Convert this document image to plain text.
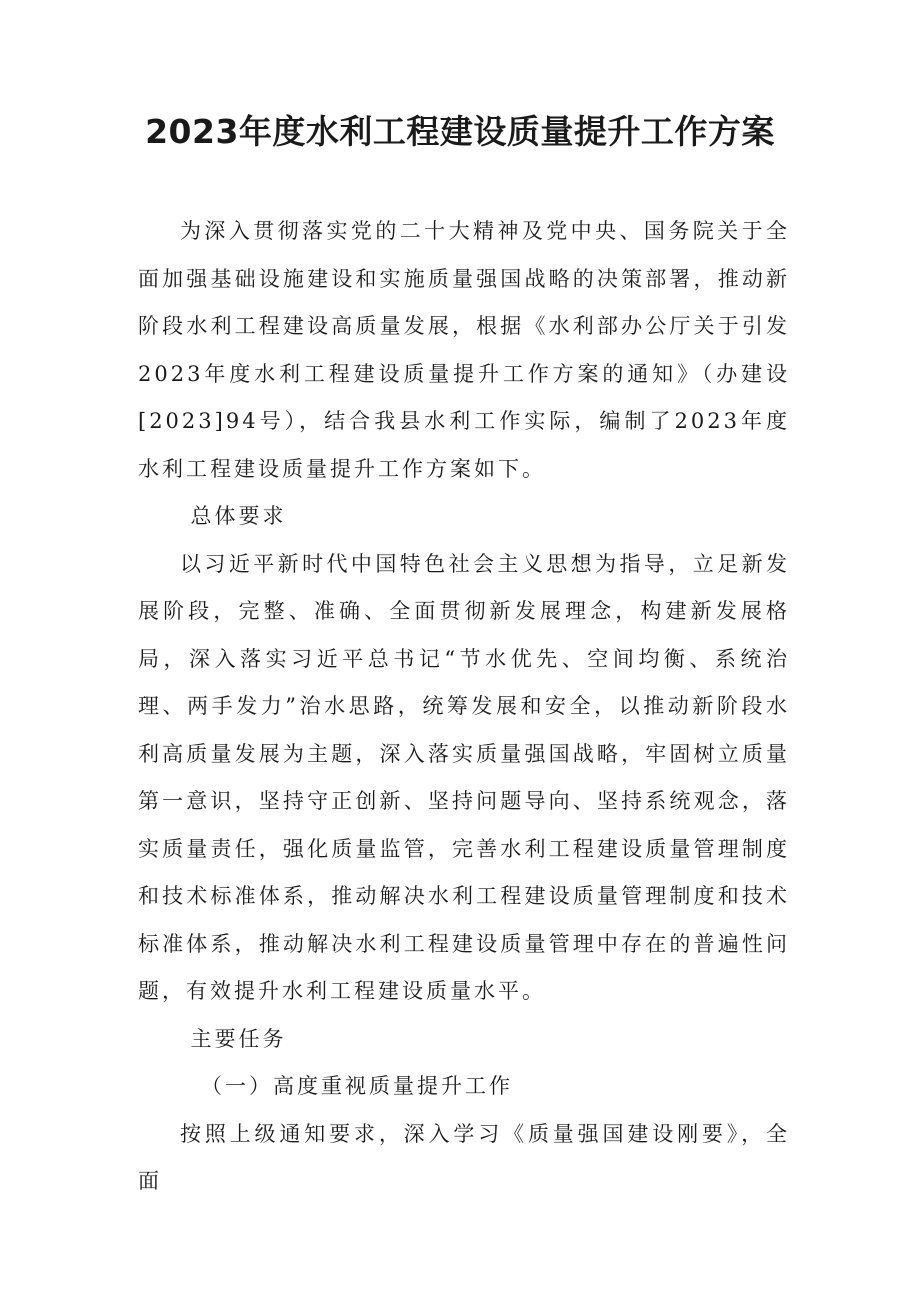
2023年度水利工程建设质量提升工作方案

为深入贯彻落实党的二十大精神及党中央、国务院关于全面加强基础设施建设和实施质量强国战略的决策部署，推动新阶段水利工程建设高质量发展，根据《水利部办公厅关于引发2023年度水利工程建设质量提升工作方案的通知》（办建设[2023]94号），结合我县水利工作实际，编制了2023年度水利工程建设质量提升工作方案如下。

总体要求

以习近平新时代中国特色社会主义思想为指导，立足新发展阶段，完整、准确、全面贯彻新发展理念，构建新发展格局，深入落实习近平总书记“节水优先、空间均衡、系统治理、两手发力”治水思路，统筹发展和安全，以推动新阶段水利高质量发展为主题，深入落实质量强国战略，牢固树立质量第一意识，坚持守正创新、坚持问题导向、坚持系统观念，落实质量责任，强化质量监管，完善水利工程建设质量管理制度和技术标准体系，推动解决水利工程建设质量管理制度和技术标准体系，推动解决水利工程建设质量管理中存在的普遍性问题，有效提升水利工程建设质量水平。

主要任务

（一）高度重视质量提升工作

按照上级通知要求，深入学习《质量强国建设刚要》，全面
